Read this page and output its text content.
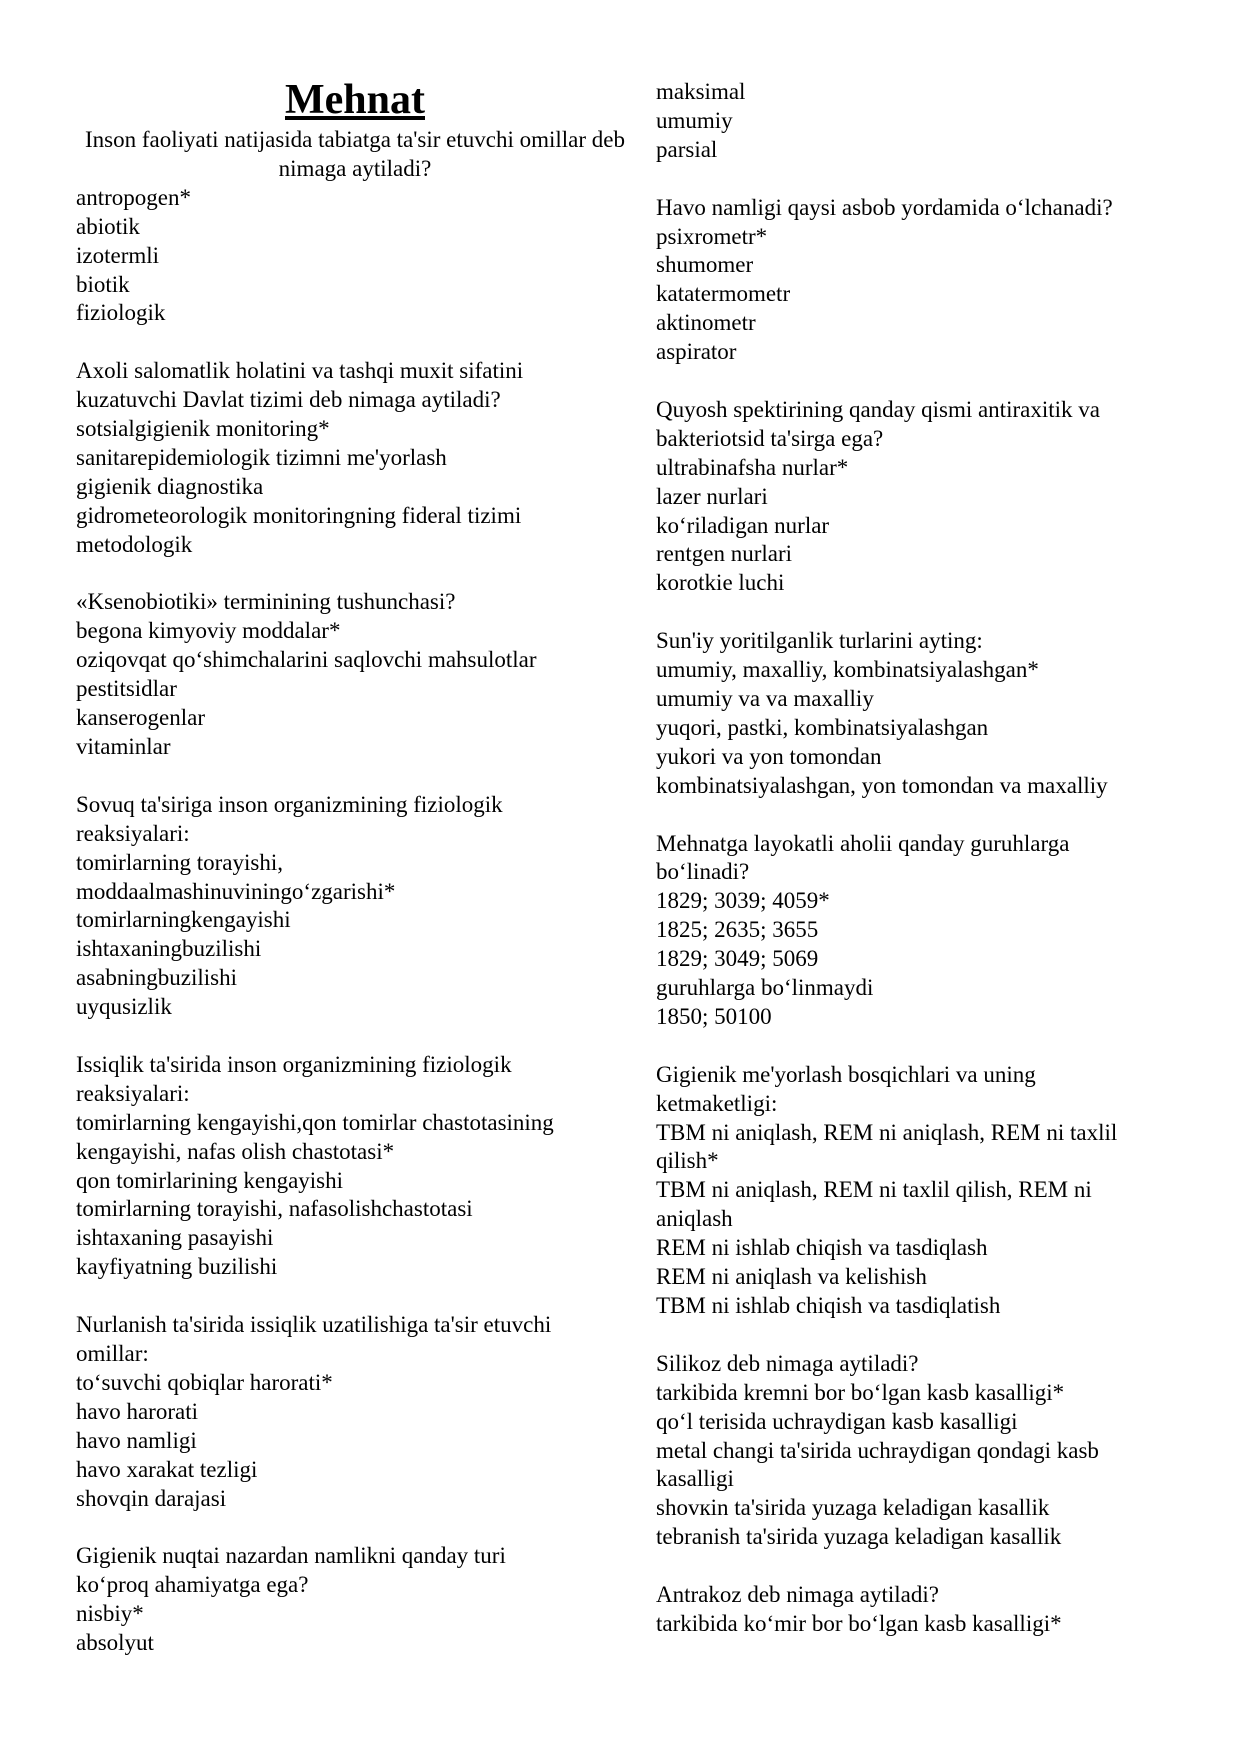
Mehnat
Inson faoliyati natijasida tabiatga ta'sir etuvchi omillar deb nimaga aytiladi?
antropogen*
abiotik
izotermli
biotik
fiziologik
Axoli salomatlik holatini va tashqi muxit sifatini
kuzatuvchi Davlat tizimi deb nimaga aytiladi?
sotsialgigienik monitoring*
sanitarepidemiologik tizimni me'yorlash
gigienik diagnostika
gidrometeorologik monitoringning fideral tizimi
metodologik
«Ksenobiotiki» terminining tushunchasi?
begona kimyoviy moddalar*
oziqovqat qo‘shimchalarini saqlovchi mahsulotlar
pestitsidlar
kanserogenlar
vitaminlar
Sovuq ta'siriga inson organizmining fiziologik
reaksiyalari:
tomirlarning torayishi,
moddaalmashinuviningo‘zgarishi*
tomirlarningkengayishi
ishtaxaningbuzilishi
asabningbuzilishi
uyqusizlik
Issiqlik ta'sirida inson organizmining fiziologik
reaksiyalari:
tomirlarning kengayishi,qon tomirlar chastotasining
kengayishi, nafas olish chastotasi*
qon tomirlarining kengayishi
tomirlarning torayishi, nafasolishchastotasi
ishtaxaning pasayishi
kayfiyatning buzilishi
Nurlanish ta'sirida issiqlik uzatilishiga ta'sir etuvchi
omillar:
to‘suvchi qobiqlar harorati*
havo harorati
havo namligi
havo xarakat tezligi
shovqin darajasi
Gigienik nuqtai nazardan namlikni qanday turi
ko‘proq ahamiyatga ega?
nisbiy*
absolyut
maksimal
umumiy
parsial
Havo namligi qaysi asbob yordamida o‘lchanadi?
psixrometr*
shumomer
katatermometr
aktinometr
aspirator
Quyosh spektirining qanday qismi antiraxitik va
bakteriotsid ta'sirga ega?
ultrabinafsha nurlar*
lazer nurlari
ko‘riladigan nurlar
rentgen nurlari
korotkie luchi
Sun'iy yoritilganlik turlarini ayting:
umumiy, maxalliy, kombinatsiyalashgan*
umumiy va va maxalliy
yuqori, pastki, kombinatsiyalashgan
yukori va yon tomondan
kombinatsiyalashgan, yon tomondan va maxalliy
Mehnatga layokatli aholii qanday guruhlarga
bo‘linadi?
1829; 3039; 4059*
1825; 2635; 3655
1829; 3049; 5069
guruhlarga bo‘linmaydi
1850; 50100
Gigienik me'yorlash bosqichlari va uning
ketmaketligi:
TBM ni aniqlash, REM ni aniqlash, REM ni taxlil
qilish*
TBM ni aniqlash, REM ni taxlil qilish, REM ni
aniqlash
REM ni ishlab chiqish va tasdiqlash
REM ni aniqlash va kelishish
TBM ni ishlab chiqish va tasdiqlatish
Silikoz deb nimaga aytiladi?
tarkibida kremni bor bo‘lgan kasb kasalligi*
qo‘l terisida uchraydigan kasb kasalligi
metal changi ta'sirida uchraydigan qondagi kasb
kasalligi
shovкin ta'sirida yuzaga keladigan kasallik
tebranish ta'sirida yuzaga keladigan kasallik
Antrakoz deb nimaga aytiladi?
tarkibida ko‘mir bor bo‘lgan kasb kasalligi*
